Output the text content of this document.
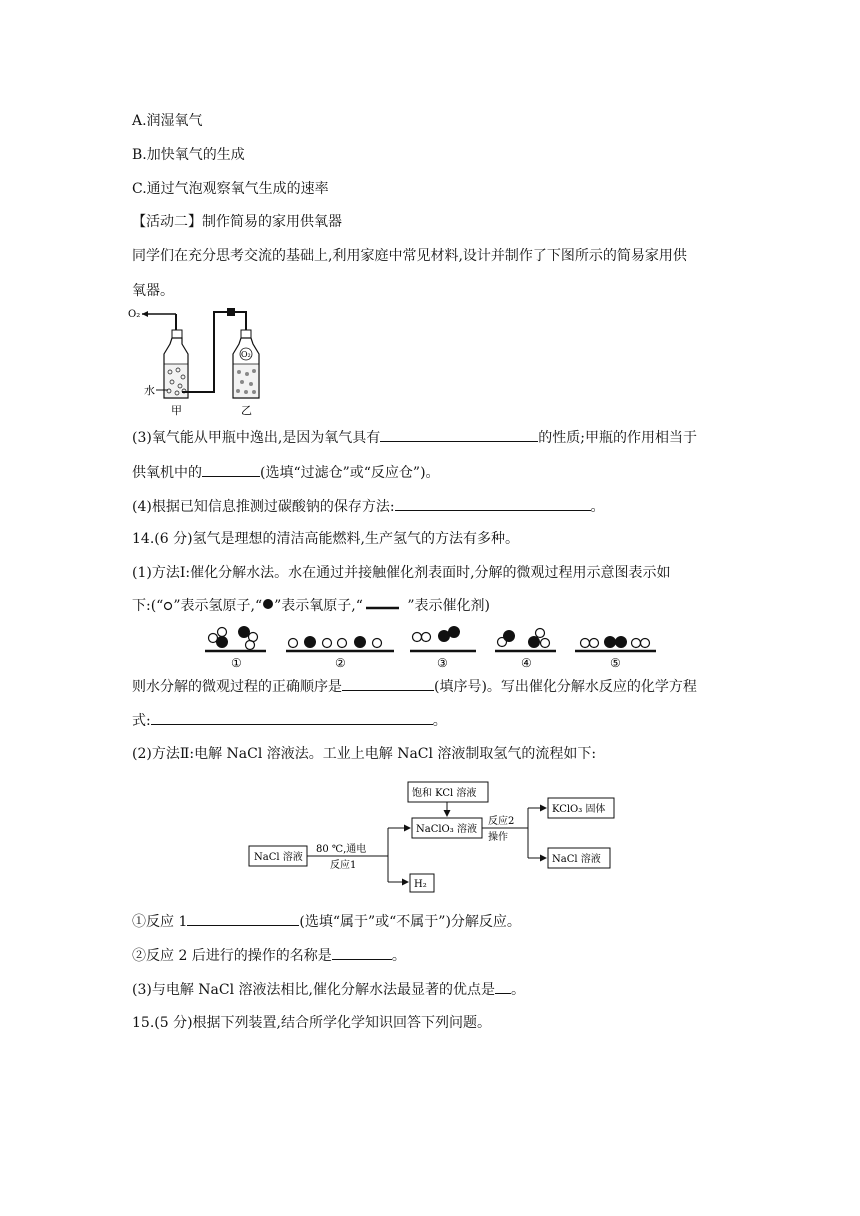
A.润湿氧气
B.加快氧气的生成
C.通过气泡观察氧气生成的速率
【活动二】制作简易的家用供氧器
同学们在充分思考交流的基础上,利用家庭中常见材料,设计并制作了下图所示的简易家用供
氧器。
O₂
O₂
水
甲	乙
(3)氧气能从甲瓶中逸出,是因为氧气具有	的性质;甲瓶的作用相当于
供氧机中的	(选填“过滤仓”或“反应仓”)。
(4)根据已知信息推测过碳酸钠的保存方法:	。
14.(6 分)氢气是理想的清洁高能燃料,生产氢气的方法有多种。
(1)方法Ⅰ:催化分解水法。水在通过并接触催化剂表面时,分解的微观过程用示意图表示如
下:(“ ”表示氢原子,“ ”表示氧原子,“	”表示催化剂)
①	②	③	④	⑤
则水分解的微观过程的正确顺序是	(填序号)。写出催化分解水反应的化学方程
式:	。
(2)方法Ⅱ:电解 NaCl 溶液法。工业上电解 NaCl 溶液制取氢气的流程如下:
NaCl 溶液
80 ℃,通电
反应1
H₂
NaClO₃ 溶液
饱和 KCl 溶液
反应2
操作
KClO₃ 固体
NaCl 溶液
①反应 1	(选填“属于”或“不属于”)分解反应。
②反应 2 后进行的操作的名称是	。
(3)与电解 NaCl 溶液法相比,催化分解水法最显著的优点是 。
15.(5 分)根据下列装置,结合所学化学知识回答下列问题。
